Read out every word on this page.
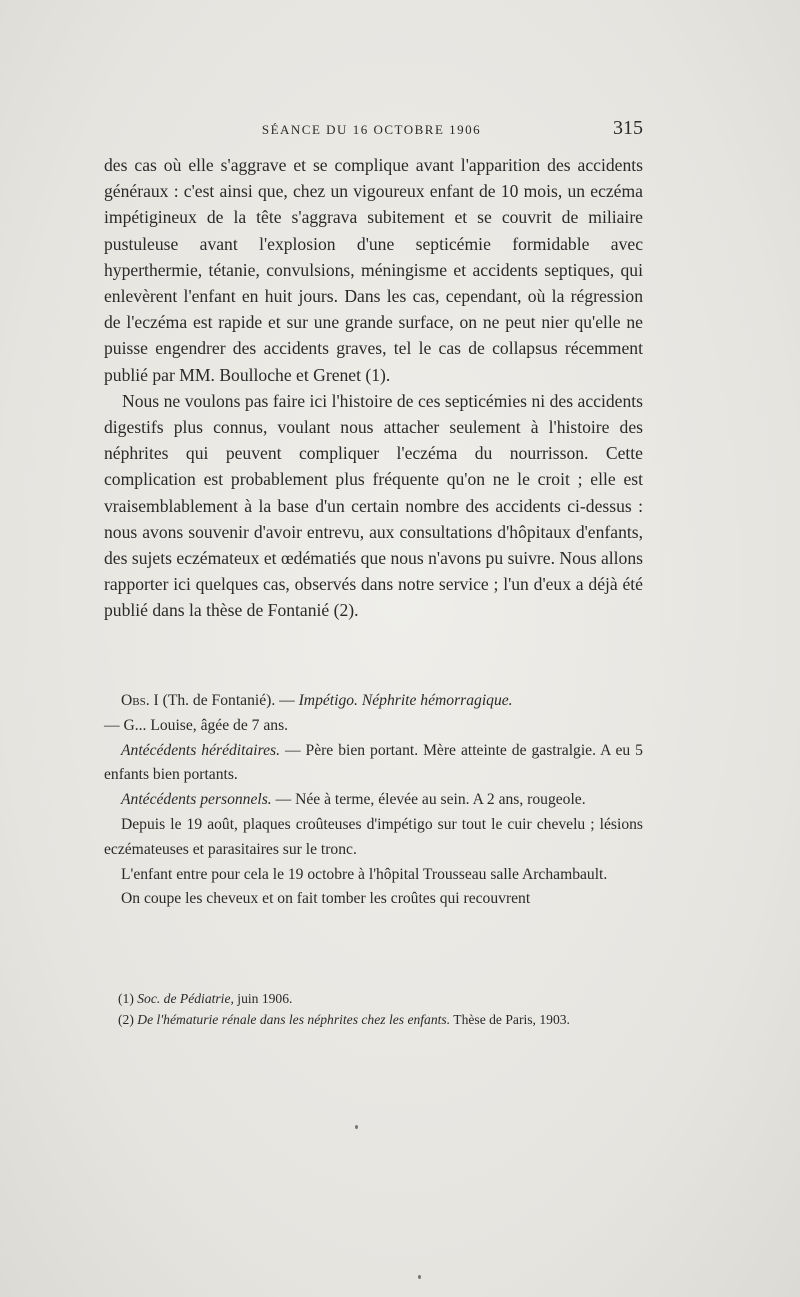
SÉANCE DU 16 OCTOBRE 1906	315

des cas où elle s'aggrave et se complique avant l'apparition des accidents généraux : c'est ainsi que, chez un vigoureux enfant de 10 mois, un eczéma impétigineux de la tête s'aggrava subitement et se couvrit de miliaire pustuleuse avant l'explosion d'une septicémie formidable avec hyperthermie, tétanie, convulsions, méningisme et accidents septiques, qui enlevèrent l'enfant en huit jours. Dans les cas, cependant, où la régression de l'eczéma est rapide et sur une grande surface, on ne peut nier qu'elle ne puisse engendrer des accidents graves, tel le cas de collapsus récemment publié par MM. Boulloche et Grenet (1).

Nous ne voulons pas faire ici l'histoire de ces septicémies ni des accidents digestifs plus connus, voulant nous attacher seulement à l'histoire des néphrites qui peuvent compliquer l'eczéma du nourrisson. Cette complication est probablement plus fréquente qu'on ne le croit ; elle est vraisemblablement à la base d'un certain nombre des accidents ci-dessus : nous avons souvenir d'avoir entrevu, aux consultations d'hôpitaux d'enfants, des sujets eczémateux et œdématiés que nous n'avons pu suivre. Nous allons rapporter ici quelques cas, observés dans notre service ; l'un d'eux a déjà été publié dans la thèse de Fontanié (2).

Obs. I (Th. de Fontanié). — Impétigo. Néphrite hémorragique.

— G... Louise, âgée de 7 ans.

Antécédents héréditaires. — Père bien portant. Mère atteinte de gastralgie. A eu 5 enfants bien portants.

Antécédents personnels. — Née à terme, élevée au sein. A 2 ans, rougeole.

Depuis le 19 août, plaques croûteuses d'impétigo sur tout le cuir chevelu ; lésions eczémateuses et parasitaires sur le tronc.

L'enfant entre pour cela le 19 octobre à l'hôpital Trousseau salle Archambault.

On coupe les cheveux et on fait tomber les croûtes qui recouvrent

(1) Soc. de Pédiatrie, juin 1906.

(2) De l'hématurie rénale dans les néphrites chez les enfants. Thèse de Paris, 1903.
